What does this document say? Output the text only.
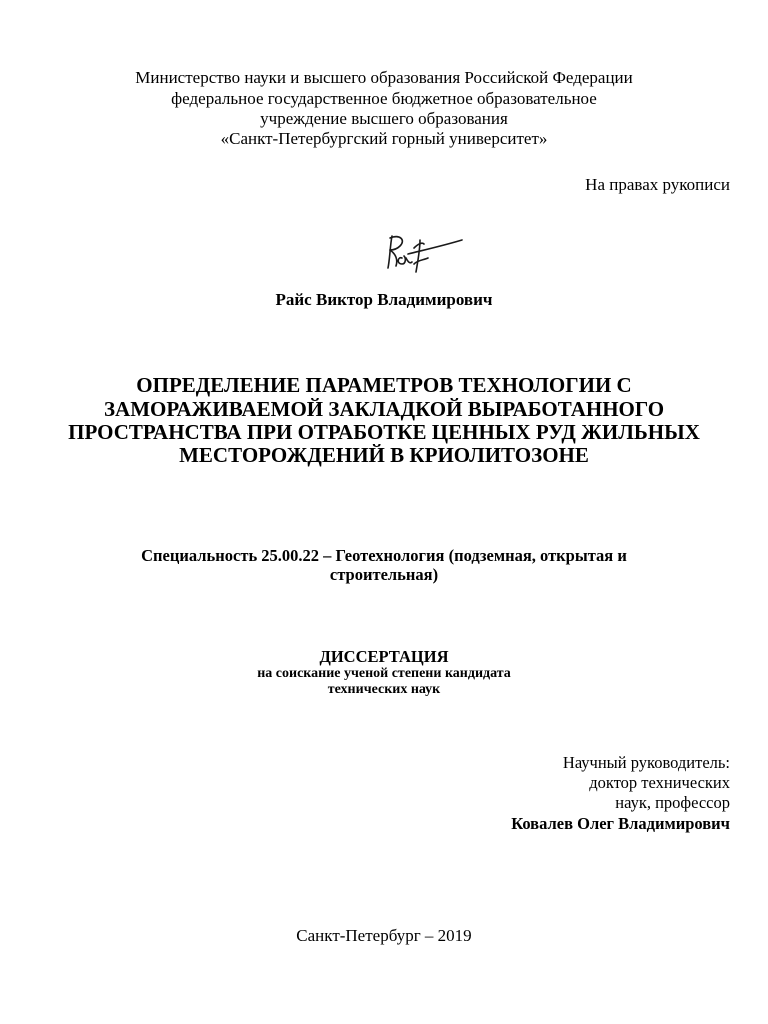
Министерство науки и высшего образования Российской Федерации
федеральное государственное бюджетное образовательное
учреждение высшего образования
«Санкт-Петербургский горный университет»
На правах рукописи
Райс Виктор Владимирович
ОПРЕДЕЛЕНИЕ ПАРАМЕТРОВ ТЕХНОЛОГИИ С
ЗАМОРАЖИВАЕМОЙ ЗАКЛАДКОЙ ВЫРАБОТАННОГО
ПРОСТРАНСТВА ПРИ ОТРАБОТКЕ ЦЕННЫХ РУД ЖИЛЬНЫХ
МЕСТОРОЖДЕНИЙ В КРИОЛИТОЗОНЕ
Специальность 25.00.22 – Геотехнология (подземная, открытая и
строительная)
ДИССЕРТАЦИЯ
на соискание ученой степени кандидата
технических наук
Научный руководитель:
доктор технических
наук, профессор
Ковалев Олег Владимирович
Санкт-Петербург – 2019
